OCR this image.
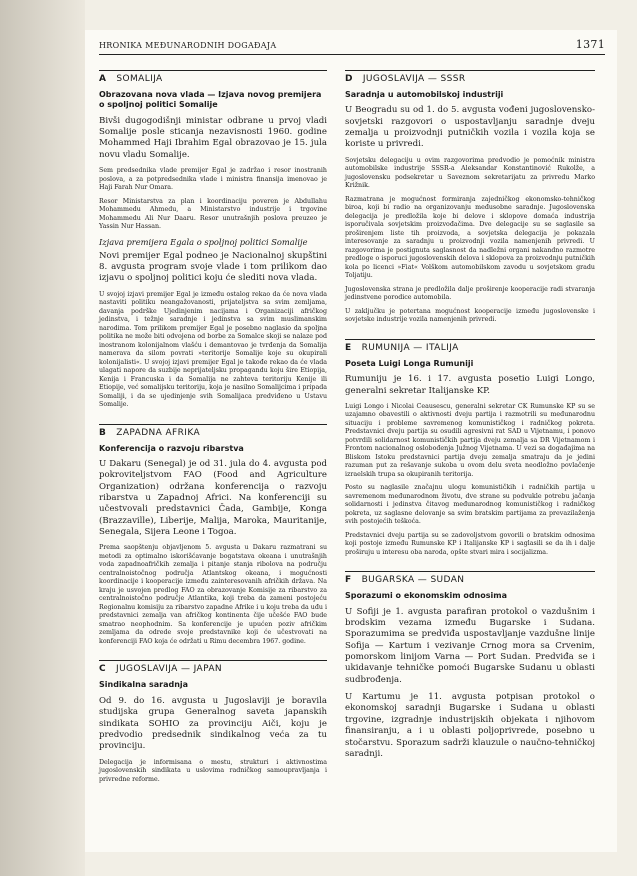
HRONIKA MEĐUNARODNIH DOGAĐAJA	1371
A SOMALIJA
Obrazovana nova vlada — Izjava novog premijera o spoljnoj politici Somalije

Bivši dugogodišnji ministar odbrane u prvoj vladi Somalije posle sticanja nezavisnosti 1960. godine Mohammed Haji Ibrahim Egal obrazovao je 15. jula novu vladu Somalije.

Sem predsednika vlade premijer Egal je zadržao i resor inostranih poslova, a za potpredsednika vlade i ministra finansija imenovao je Haji Farah Nur Omara.

Resor Ministarstva za plan i koordinaciju poveren je Abdullahu Mohammedu Ahmedu, a Ministarstvo industrije i trgovine Mohammedu Ali Nur Daaru. Resor unutrašnjih poslova preuzeo je Yassin Nur Hassan.

Izjava premijera Egala o spoljnoj politici Somalije

Novi premijer Egal podneo je Nacionalnoj skupštini 8. avgusta program svoje vlade i tom prilikom dao izjavu o spoljnoj politici koju će slediti nova vlada.

U svojoj izjavi premijer Egal je između ostalog rekao da će nova vlada nastaviti politiku neangažovanosti, prijateljstva sa svim zemljama, davanja podrške Ujedinjenim nacijama i Organizaciji afričkog jedinstva, i težnje saradnje i jedinstva sa svim muslimanskim narodima. Tom prilikom premijer Egal je posebno naglasio da spoljna politika ne može biti odvojena od borbe za Somalce skoji se nalaze pod inostranom kolonijalnom vlašću i demantovao je tvrđenja da Somalija namerava da silom povrati »teritorije Somalije koje su okupirali kolonijalisti«. U svojoj izjavi premijer Egal je takođe rekao da će vlada ulagati napore da suzbije neprijateljsku propagandu koju šire Etiopija, Kenija i Francuska i da Somalija ne zahteva teritoriju Kenije ili Etiopije, već somalijsku teritoriju, koja je nasilno Somalijcima i pripada Somaliji, i da se ujedinjenje svih Somalijaca predviđeno u Ustavu Somalije.

B ZAPADNA AFRIKA
Konferencija o razvoju ribarstva

U Dakaru (Senegal) je od 31. jula do 4. avgusta pod pokroviteljstvom FAO (Food and Agriculture Organization) održana konferencija o razvoju ribarstva u Zapadnoj Africi. Na konferenciji su učestvovali predstavnici Čada, Gambije, Konga (Brazzaville), Liberije, Malija, Maroka, Mauritanije, Senegala, Sijera Leone i Togoa.

Prema saopštenju objavljenom 5. avgusta u Dakaru razmatrani su metodi za optimalno iskorišćavanje bogatstava okeana i unutrašnjih voda zapadnoafričkih zemalja i pitanje stanja ribolova na području centralnoistočnog područja Atlantskog okeana, i mogućnosti koordinacije i kooperacije između zainteresovanih afričkih država. Na kraju je usvojen predlog FAO za obrazovanje Komisije za ribarstvo za centralnoistočno područje Atlantika, koji treba da zameni postojeću Regionalnu komisiju za ribarstvo zapadne Afrike i u koju treba da uđu i predstavnici zemalja van afričkog kontinenta čije učešće FAO bude smatrao neophodnim. Sa konferencije je upućen poziv afričkim zemljama da odrede svoje predstavnike koji će učestvovati na konferenciji FAO koja će održati u Rimu decembra 1967. godine.

C JUGOSLAVIJA — JAPAN
Sindikalna saradnja

Od 9. do 16. avgusta u Jugoslaviji je boravila studijska grupa Generalnog saveta japanskih sindikata SOHIO za provinciju Aiči, koju je predvodio predsednik sindikalnog veća za tu provinciju.

Delegacija je informisana o mestu, strukturi i aktivnostima jugoslovenskih sindikata u uslovima radničkog samoupravljanja i privredne reforme.

D JUGOSLAVIJA — SSSR
Saradnja u automobilskoj industriji

U Beogradu su od 1. do 5. avgusta vođeni jugoslovensko-sovjetski razgovori o uspostavljanju saradnje dveju zemalja u proizvodnji putničkih vozila i vozila koja se koriste u privredi.

Sovjetsku delegaciju u ovim razgovorima predvodio je pomoćnik ministra automobilske industrije SSSR-a Aleksandar Konstantinović Rukolže, a jugoslovensku podsekretar u Saveznom sekretarijatu za privredu Marko Križnik.

Razmatrana je mogućnost formiranja zajedničkog ekonomsko-tehničkog biroa, koji bi radio na organizovanju međusobne saradnje. Jugoslovenska delegacija je predložila koje bi delove i sklopove domaća industrija isporučivala sovjetskim proizvođačima. Dve delegacije su se saglasile sa proširenjem liste tih proizvoda, a sovjetska delegacija je pokazala interesovanje za saradnju u proizvodnji vozila namenjenih privredi. U razgovorima je postignuta saglasnost da nadležni organi nakandno razmotre predloge o isporuci jugoslovenskih delova i sklopova za proizvodnju putničkih kola po licenci »Fiat« Volškom automobilskom zavodu u sovjetskom gradu Toljatiju.

Jugoslovenska strana je predložila dalje proširenje kooperacije radi stvaranja jedinstvene porodice automobila.

U zaključku je potertana mogućnost kooperacije između jugoslovenske i sovjetske industrije vozila namenjenih privredi.

E RUMUNIJA — ITALIJA
Poseta Luigi Longa Rumuniji

Rumuniju je 16. i 17. avgusta posetio Luigi Longo, generalni sekretar Italijanske KP.

Luigi Longo i Nicolai Ceausescu, generalni sekretar CK Rumunske KP su se uzajamno obavestili o aktivnosti dveju partija i razmotrili su međunarodnu situaciju i probleme savremenog komunističkog i radničkog pokreta. Predstavnici dveju partija su osudili agresivni rat SAD u Vijetnamu, i ponovo potvrdili solidarnost komunističkih partija dveju zemalja sa DR Vijetnamom i Frontom nacionalnog oslobođenja Južnog Vijetnama. U vezi sa događajima na Bliskom Istoku predstavnici partija dveju zemalja smatraju da je jedini razuman put za rešavanje sukoba u ovom delu sveta neodložno povlačenje izraelskih trupa sa okupiranih teritorija.

Posto su naglasile značajnu ulogu komunističkih i radničkih partija u savremenom međunarodnom životu, dve strane su podvukle potrebu jačanja solidarnosti i jedinstva čitavog međunarodnog komunističkog i radničkog pokreta, uz saglasne delovanje sa svim bratskim partijama za prevazilaženja svih postojećih teškoća.

Predstavnici dveju partija su se zadovoljstvom govorili o bratskim odnosima koji postoje između Rumunske KP i Italijanske KP i saglasili se da ih i dalje proširuju u interesu oba naroda, opšte stvari mira i socijalizma.

F BUGARSKA — SUDAN
Sporazumi o ekonomskim odnosima

U Sofiji je 1. avgusta parafiran protokol o vazdušnim i brodskim vezama između Bugarske i Sudana. Sporazumima se predviđa uspostavljanje vazdušne linije Sofija — Kartum i vezivanje Crnog mora sa Crvenim, pomorskom linijom Varna — Port Sudan. Predviđa se i ukidavanje tehničke pomoći Bugarske Sudanu u oblasti sudbrođenja.

U Kartumu je 11. avgusta potpisan protokol o ekonomskoj saradnji Bugarske i Sudana u oblasti trgovine, izgradnje industrijskih objekata i njihovom finansiranju, a i u oblasti poljoprivrede, posebno u stočarstvu. Sporazum sadrži klauzule o naučno-tehničkoj saradnji.
